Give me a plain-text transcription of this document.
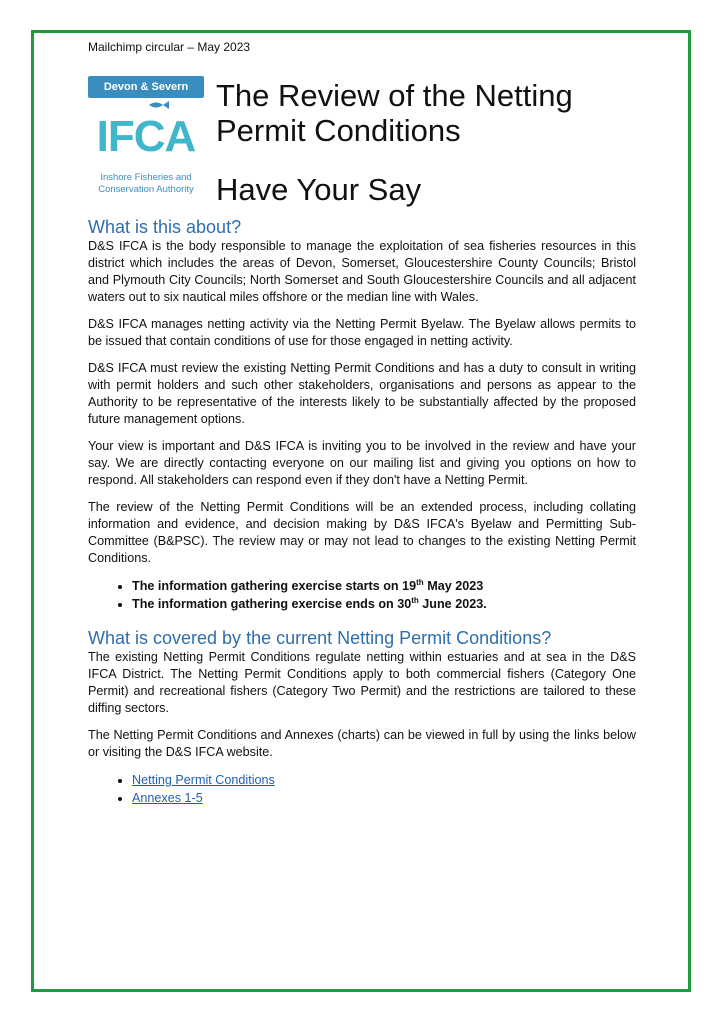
Mailchimp circular – May 2023
Devon & Severn
IFCA
Inshore Fisheries and
Conservation Authority
The Review of the Netting
Permit Conditions
Have Your Say
What is this about?

D&S IFCA is the body responsible to manage the exploitation of sea fisheries resources in this district which includes the areas of Devon, Somerset, Gloucestershire County Councils; Bristol and Plymouth City Councils; North Somerset and South Gloucestershire Councils and all adjacent waters out to six nautical miles offshore or the median line with Wales.

D&S IFCA manages netting activity via the Netting Permit Byelaw. The Byelaw allows permits to be issued that contain conditions of use for those engaged in netting activity.

D&S IFCA must review the existing Netting Permit Conditions and has a duty to consult in writing with permit holders and such other stakeholders, organisations and persons as appear to the Authority to be representative of the interests likely to be substantially affected by the proposed future management options.

Your view is important and D&S IFCA is inviting you to be involved in the review and have your say. We are directly contacting everyone on our mailing list and giving you options on how to respond. All stakeholders can respond even if they don't have a Netting Permit.

The review of the Netting Permit Conditions will be an extended process, including collating information and evidence, and decision making by D&S IFCA's Byelaw and Permitting Sub-Committee (B&PSC). The review may or may not lead to changes to the existing Netting Permit Conditions.

• The information gathering exercise starts on 19th May 2023
• The information gathering exercise ends on 30th June 2023.
What is covered by the current Netting Permit Conditions?

The existing Netting Permit Conditions regulate netting within estuaries and at sea in the D&S IFCA District. The Netting Permit Conditions apply to both commercial fishers (Category One Permit) and recreational fishers (Category Two Permit) and the restrictions are tailored to these diffing sectors.

The Netting Permit Conditions and Annexes (charts) can be viewed in full by using the links below or visiting the D&S IFCA website.

• Netting Permit Conditions
• Annexes 1-5
